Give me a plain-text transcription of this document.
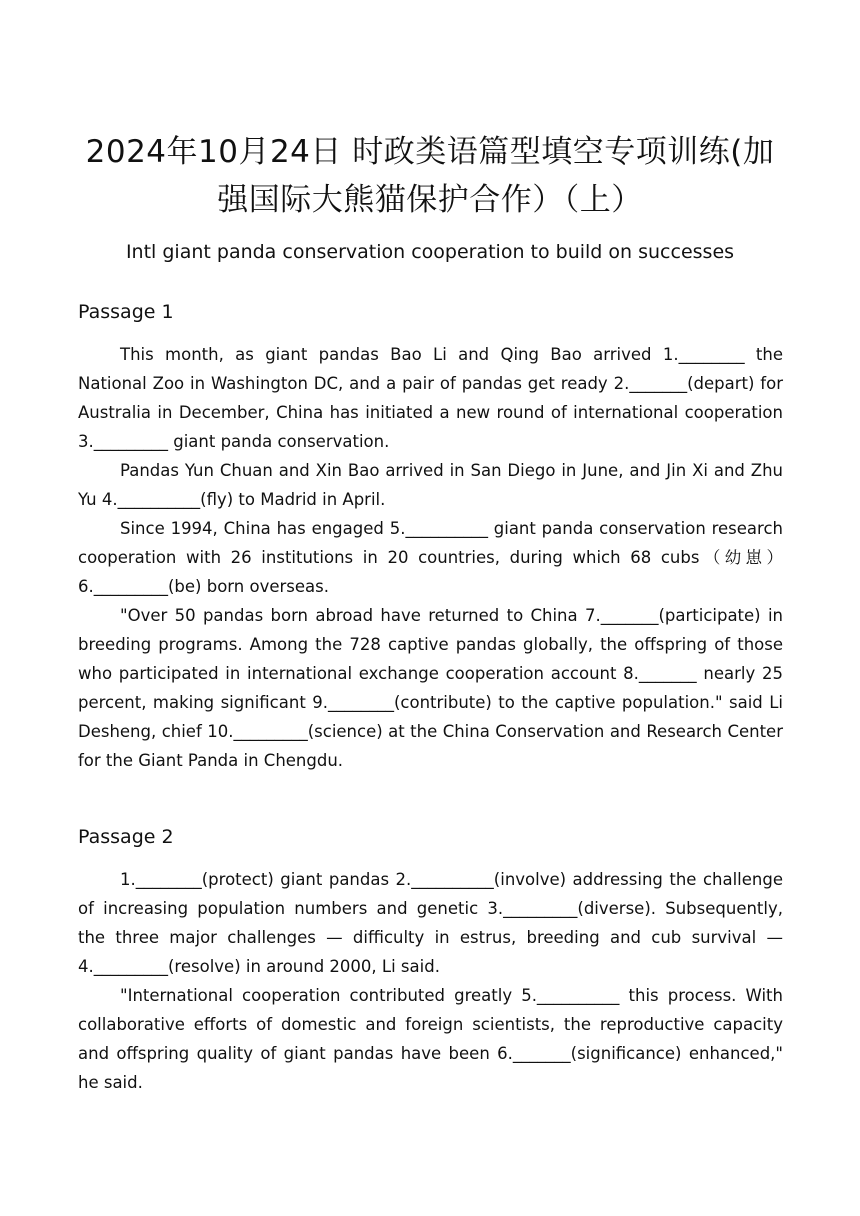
2024年10月24日 时政类语篇型填空专项训练(加
强国际大熊猫保护合作）（上）
Intl giant panda conservation cooperation to build on successes
Passage 1

This month, as giant pandas Bao Li and Qing Bao arrived 1.________ the National Zoo in Washington DC, and a pair of pandas get ready 2._______(depart) for Australia in December, China has initiated a new round of international cooperation 3._________ giant panda conservation.

Pandas Yun Chuan and Xin Bao arrived in San Diego in June, and Jin Xi and Zhu Yu 4.__________(fly) to Madrid in April.

Since 1994, China has engaged 5.__________ giant panda conservation research cooperation with 26 institutions in 20 countries, during which 68 cubs（幼崽） 6._________(be) born overseas.

"Over 50 pandas born abroad have returned to China 7._______(participate) in breeding programs. Among the 728 captive pandas globally, the offspring of those who participated in international exchange cooperation account 8._______ nearly 25 percent, making significant 9.________(contribute) to the captive population." said Li Desheng, chief 10._________(science) at the China Conservation and Research Center for the Giant Panda in Chengdu.

Passage 2

1.________(protect) giant pandas 2.__________(involve) addressing the challenge of increasing population numbers and genetic 3._________(diverse). Subsequently, the three major challenges — difficulty in estrus, breeding and cub survival — 4._________(resolve) in around 2000, Li said.

"International cooperation contributed greatly 5.__________ this process. With collaborative efforts of domestic and foreign scientists, the reproductive capacity and offspring quality of giant pandas have been 6._______(significance) enhanced," he said.
